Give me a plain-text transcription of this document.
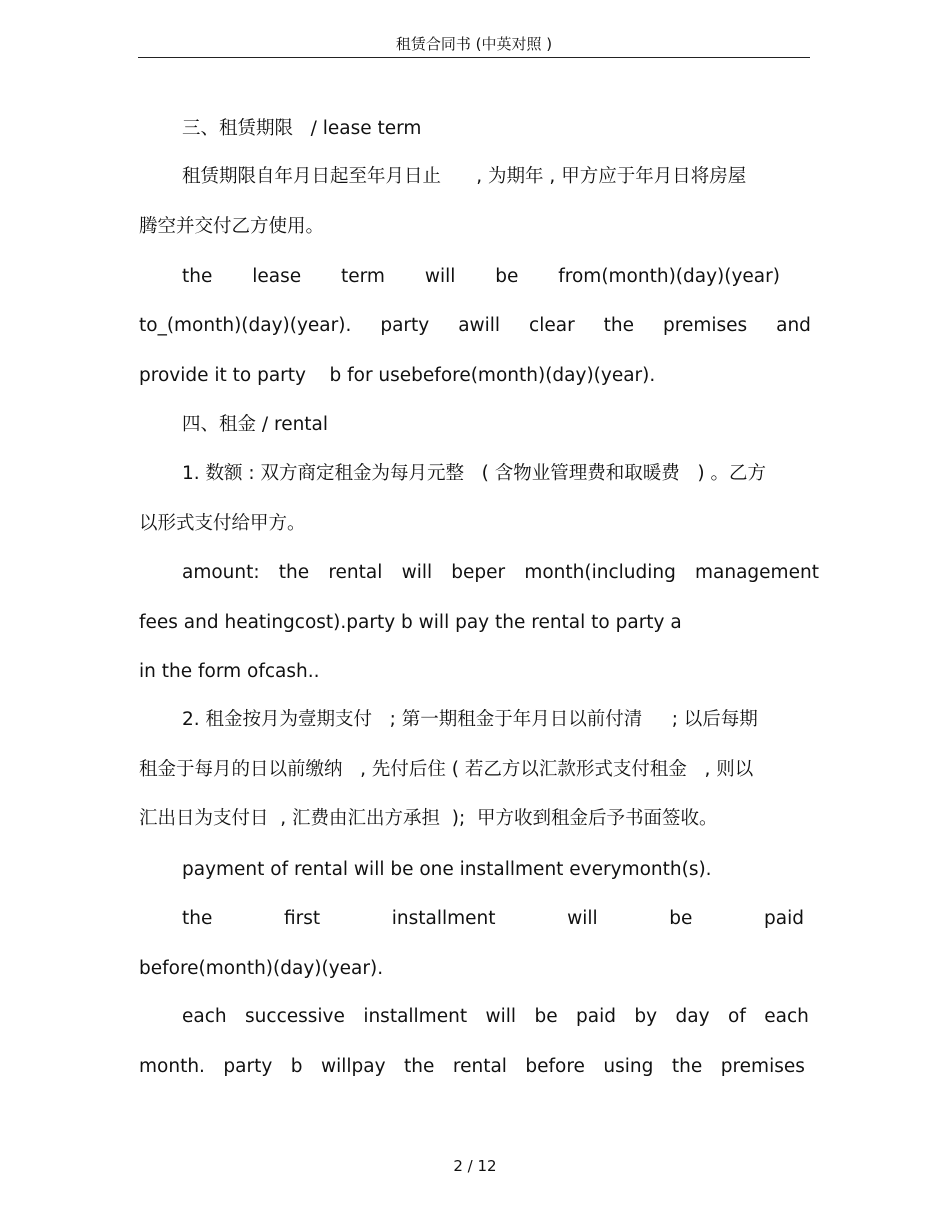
租赁合同书 (中英对照 )
三、租赁期限   / lease term
租赁期限自年月日起至年月日止      , 为期年 , 甲方应于年月日将房屋
腾空并交付乙方使用。
the lease term will be from(month)(day)(year)
to_(month)(day)(year). party awill clear the premises and
provide it to party    b for usebefore(month)(day)(year).
四、租金 / rental
1. 数额 : 双方商定租金为每月元整   ( 含物业管理费和取暖费   ) 。乙方
以形式支付给甲方。
amount: the rental will beper month(including management
fees and heatingcost).party b will pay the rental to party a
in the form ofcash..
2. 租金按月为壹期支付   ; 第一期租金于年月日以前付清     ; 以后每期
租金于每月的日以前缴纳   , 先付后住 ( 若乙方以汇款形式支付租金   , 则以
汇出日为支付日  , 汇费由汇出方承担  );  甲方收到租金后予书面签收。
payment of rental will be one installment everymonth(s).
the	first	installment	will	be	paid
before(month)(day)(year).
each successive installment will be paid by day of each
month. party b willpay the rental before using the premises
2 / 12
